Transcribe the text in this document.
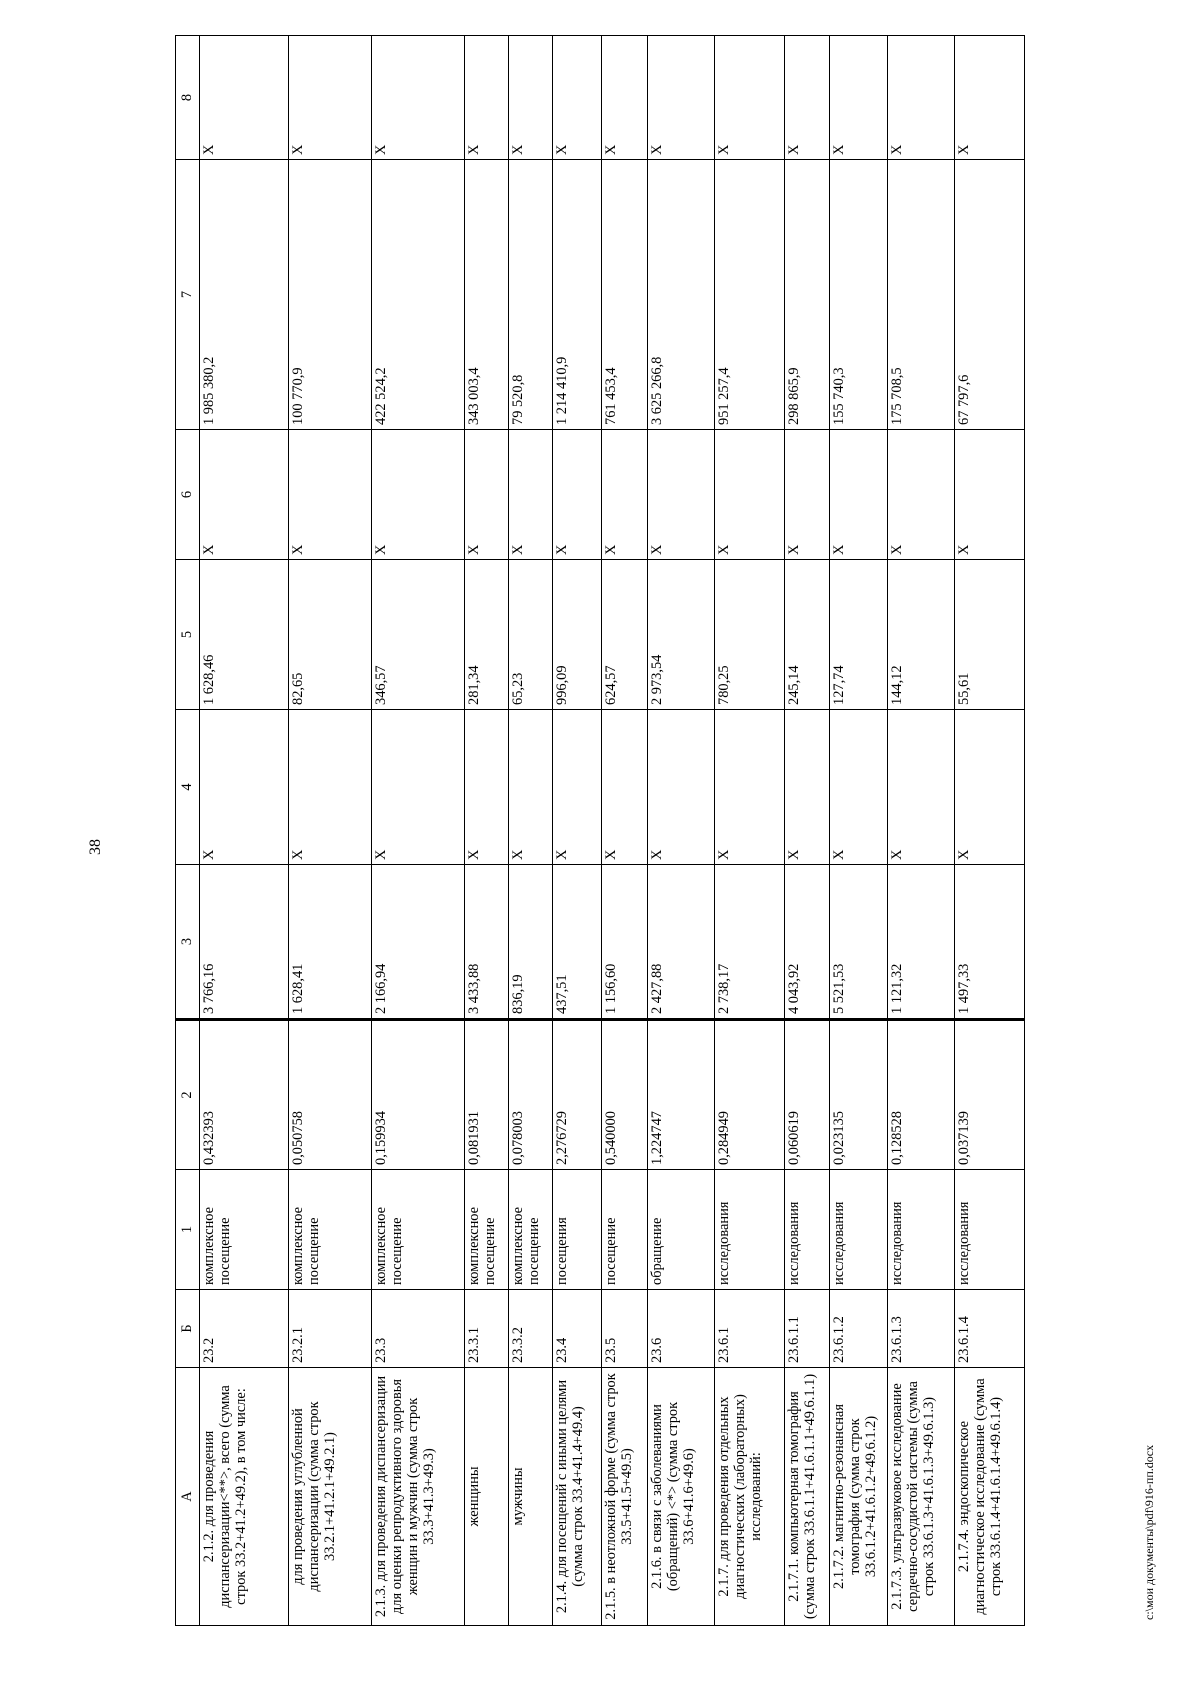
38
А	Б	1	2	3	4	5	6	7	8
2.1.2. для проведения диспансеризации<**>, всего (сумма строк 33.2+41.2+49.2), в том числе:	23.2	комплексное посещение	0,432393	3 766,16	Х	1 628,46	Х	1 985 380,2	Х
для проведения углубленной диспансеризации (сумма строк 33.2.1+41.2.1+49.2.1)	23.2.1	комплексное посещение	0,050758	1 628,41	Х	82,65	Х	100 770,9	Х
2.1.3. для проведения диспансеризации для оценки репродуктивного здоровья женщин и мужчин (сумма строк 33.3+41.3+49.3)	23.3	комплексное посещение	0,159934	2 166,94	Х	346,57	Х	422 524,2	Х
женщины	23.3.1	комплексное посещение	0,081931	3 433,88	Х	281,34	Х	343 003,4	Х
мужчины	23.3.2	комплексное посещение	0,078003	836,19	Х	65,23	Х	79 520,8	Х
2.1.4. для посещений с иными целями (сумма строк 33.4+41.4+49.4)	23.4	посещения	2,276729	437,51	Х	996,09	Х	1 214 410,9	Х
2.1.5. в неотложной форме (сумма строк 33.5+41.5+49.5)	23.5	посещение	0,540000	1 156,60	Х	624,57	Х	761 453,4	Х
2.1.6. в связи с заболеваниями (обращений) <*> (сумма строк 33.6+41.6+49.6)	23.6	обращение	1,224747	2 427,88	Х	2 973,54	Х	3 625 266,8	Х
2.1.7. для проведения отдельных диагностических (лабораторных) исследований:	23.6.1	исследования	0,284949	2 738,17	Х	780,25	Х	951 257,4	Х
2.1.7.1. компьютерная томография (сумма строк 33.6.1.1+41.6.1.1+49.6.1.1)	23.6.1.1	исследования	0,060619	4 043,92	Х	245,14	Х	298 865,9	Х
2.1.7.2. магнитно-резонансная томография (сумма строк 33.6.1.2+41.6.1.2+49.6.1.2)	23.6.1.2	исследования	0,023135	5 521,53	Х	127,74	Х	155 740,3	Х
2.1.7.3. ультразвуковое исследование сердечно-сосудистой системы (сумма строк 33.6.1.3+41.6.1.3+49.6.1.3)	23.6.1.3	исследования	0,128528	1 121,32	Х	144,12	Х	175 708,5	Х
2.1.7.4. эндоскопическое диагностическое исследование (сумма строк 33.6.1.4+41.6.1.4+49.6.1.4)	23.6.1.4	исследования	0,037139	1 497,33	Х	55,61	Х	67 797,6	Х
c:\мои документы\pdf\916-пп.docx
